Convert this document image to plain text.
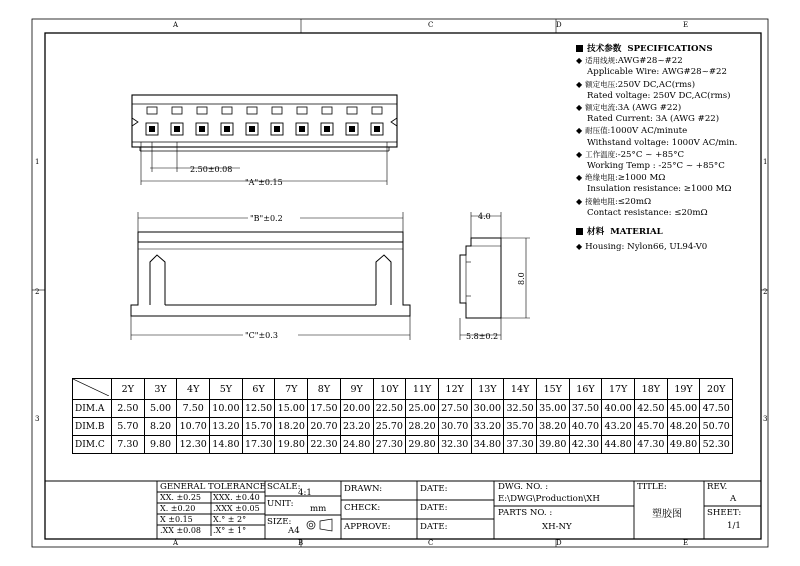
A	C	D	E
A	B	C	D	E
1
2
3
1
2
3
2.50±0.08
"A"±0.15
"B"±0.2
"C"±0.3
4.0
8.0
5.8±0.2
技术参数 SPECIFICATIONS
◆ 适用线规:AWG#28~#22
Applicable Wire: AWG#28~#22
◆ 额定电压:250V DC,AC(rms)
Rated voltage: 250V DC,AC(rms)
◆ 额定电流:3A (AWG #22)
Rated Current: 3A (AWG #22)
◆ 耐压值:1000V AC/minute
Withstand voltage: 1000V AC/min.
◆ 工作温度:-25°C ~ +85°C
Working Temp : -25°C ~ +85°C
◆ 绝缘电阻:≥1000 MΩ
Insulation resistance: ≥1000 MΩ
◆ 接触电阻:≤20mΩ
Contact resistance: ≤20mΩ
材料 MATERIAL
◆ Housing: Nylon66, UL94-V0
	2Y	3Y	4Y	5Y	6Y	7Y	8Y	9Y	10Y	11Y	12Y	13Y	14Y	15Y	16Y	17Y	18Y	19Y	20Y
DIM.A	2.50	5.00	7.50	10.00	12.50	15.00	17.50	20.00	22.50	25.00	27.50	30.00	32.50	35.00	37.50	40.00	42.50	45.00	47.50
DIM.B	5.70	8.20	10.70	13.20	15.70	18.20	20.70	23.20	25.70	28.20	30.70	33.20	35.70	38.20	40.70	43.20	45.70	48.20	50.70
DIM.C	7.30	9.80	12.30	14.80	17.30	19.80	22.30	24.80	27.30	29.80	32.30	34.80	37.30	39.80	42.30	44.80	47.30	49.80	52.30
GENERAL TOLERANCE
XX. ±0.25 XXX. ±0.40
X. ±0.20 .XXX ±0.05
X ±0.15	X.° ± 2°
.XX ±0.08 .X° ± 1°
SCALE:
4:1
UNIT: mm
SIZE:
A4
DRAWN:
CHECK:
APPROVE:
DATE:
DATE:
DATE:
DWG. NO. :
E:\DWG\Production\XH
PARTS NO. :
XH-NY
TITLE:
塑胶图
REV.
A
SHEET:
1/1
